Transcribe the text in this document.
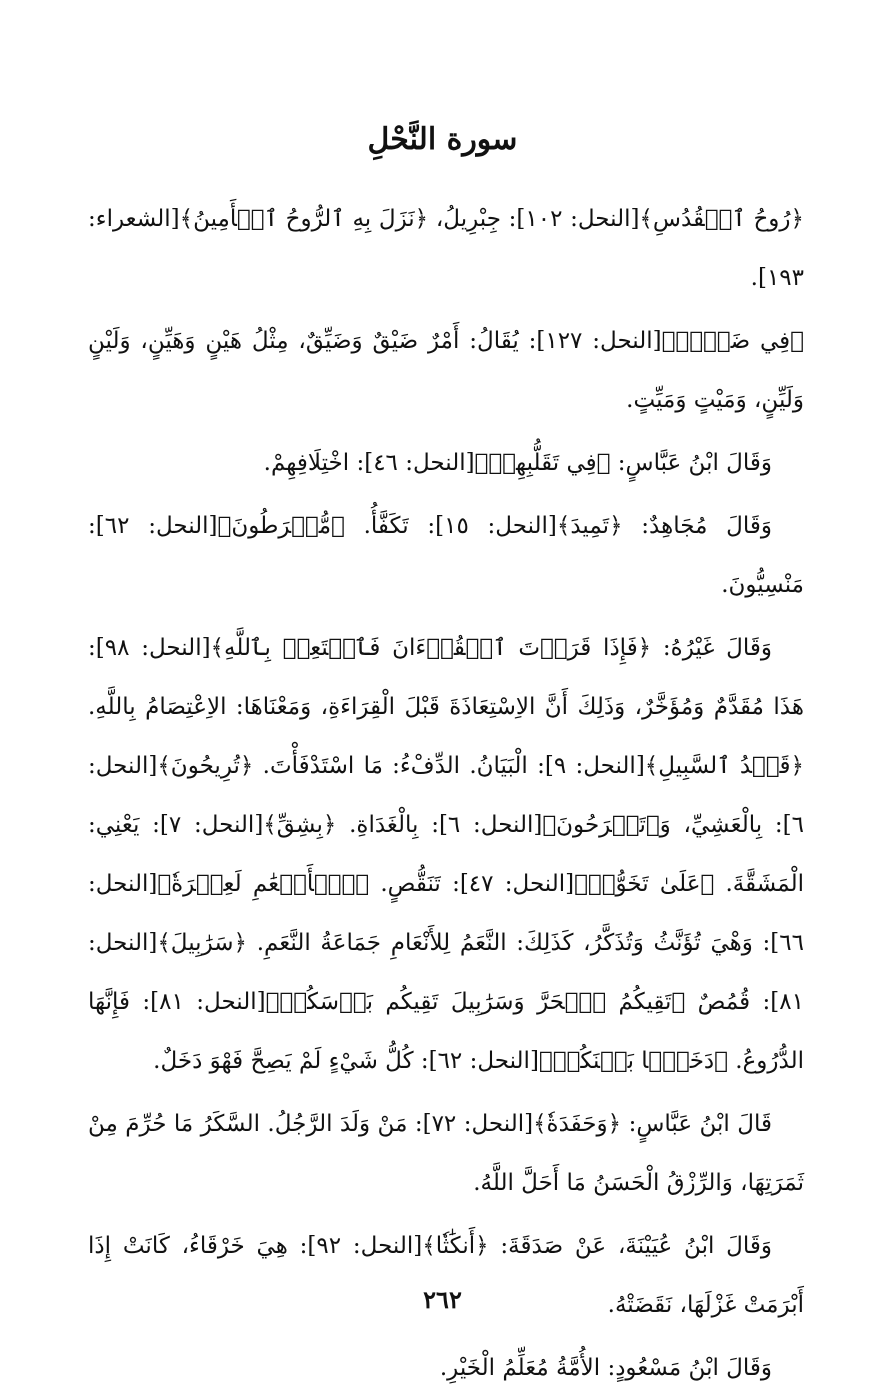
سورة النَّحْلِ

﴿رُوحُ ٱلۡقُدُسِ﴾[النحل: ١٠٢]: جِبْرِيلُ، ﴿نَزَلَ بِهِ ٱلرُّوحُ ٱلۡأَمِينُ﴾[الشعراء: ١٩٣].

﴿فِي ضَيۡقٖ﴾[النحل: ١٢٧]: يُقَالُ: أَمْرٌ ضَيْقٌ وَضَيِّقٌ، مِثْلُ هَيْنٍ وَهَيِّنٍ، وَلَيْنٍ وَلَيِّنٍ، وَمَيْتٍ وَمَيِّتٍ.

وَقَالَ ابْنُ عَبَّاسٍ: ﴿فِي تَقَلُّبِهِمۡ﴾[النحل: ٤٦]: اخْتِلَافِهِمْ.

وَقَالَ مُجَاهِدٌ: ﴿تَمِيدَ﴾[النحل: ١٥]: تَكَفَّأُ. ﴿مُّفۡرَطُونَ﴾[النحل: ٦٢]: مَنْسِيُّونَ.

وَقَالَ غَيْرُهُ: ﴿فَإِذَا قَرَأۡتَ ٱلۡقُرۡءَانَ فَٱسۡتَعِذۡ بِٱللَّهِ﴾[النحل: ٩٨]: هَذَا مُقَدَّمٌ وَمُؤَخَّرٌ، وَذَلِكَ أَنَّ الاِسْتِعَاذَةَ قَبْلَ الْقِرَاءَةِ، وَمَعْنَاهَا: الاِعْتِصَامُ بِاللَّهِ. ﴿قَصۡدُ ٱلسَّبِيلِ﴾[النحل: ٩]: الْبَيَانُ. الدِّفْءُ: مَا اسْتَدْفَأْتَ. ﴿تُرِيحُونَ﴾[النحل: ٦]: بِالْعَشِيِّ، وَ﴿تَسۡرَحُونَ﴾[النحل: ٦]: بِالْغَدَاةِ. ﴿بِشِقِّ﴾[النحل: ٧]: يَعْنِي: الْمَشَقَّةَ. ﴿عَلَىٰ تَخَوُّفٖ﴾[النحل: ٤٧]: تَنَقُّصٍ. ﴿ٱلۡأَنۡعَٰمِ لَعِبۡرَةٗ﴾[النحل: ٦٦]: وَهْيَ تُؤَنَّثُ وَتُذَكَّرُ، كَذَلِكَ: النَّعَمُ لِلأَنْعَامِ جَمَاعَةُ النَّعَمِ. ﴿سَرَٰبِيلَ﴾[النحل: ٨١]: قُمُصٌ ﴿تَقِيكُمُ ٱلۡحَرَّ وَسَرَٰبِيلَ تَقِيكُم بَأۡسَكُمۡ﴾[النحل: ٨١]: فَإِنَّهَا الدُّرُوعُ. ﴿دَخَلَۢا بَيۡنَكُمۡ﴾[النحل: ٦٢]: كُلُّ شَيْءٍ لَمْ يَصِحَّ فَهْوَ دَخَلٌ.

قَالَ ابْنُ عَبَّاسٍ: ﴿وَحَفَدَةٗ﴾[النحل: ٧٢]: مَنْ وَلَدَ الرَّجُلُ. السَّكَرُ مَا حُرِّمَ مِنْ ثَمَرَتِهَا، وَالرِّزْقُ الْحَسَنُ مَا أَحَلَّ اللَّهُ.

وَقَالَ ابْنُ عُيَيْنَةَ، عَنْ صَدَقَةَ: ﴿أَنكَٰثٗا﴾[النحل: ٩٢]: هِيَ خَرْقَاءُ، كَانَتْ إِذَا أَبْرَمَتْ غَزْلَهَا، نَقَضَتْهُ.

وَقَالَ ابْنُ مَسْعُودٍ: الأُمَّةُ مُعَلِّمُ الْخَيْرِ.

٢٦٢
